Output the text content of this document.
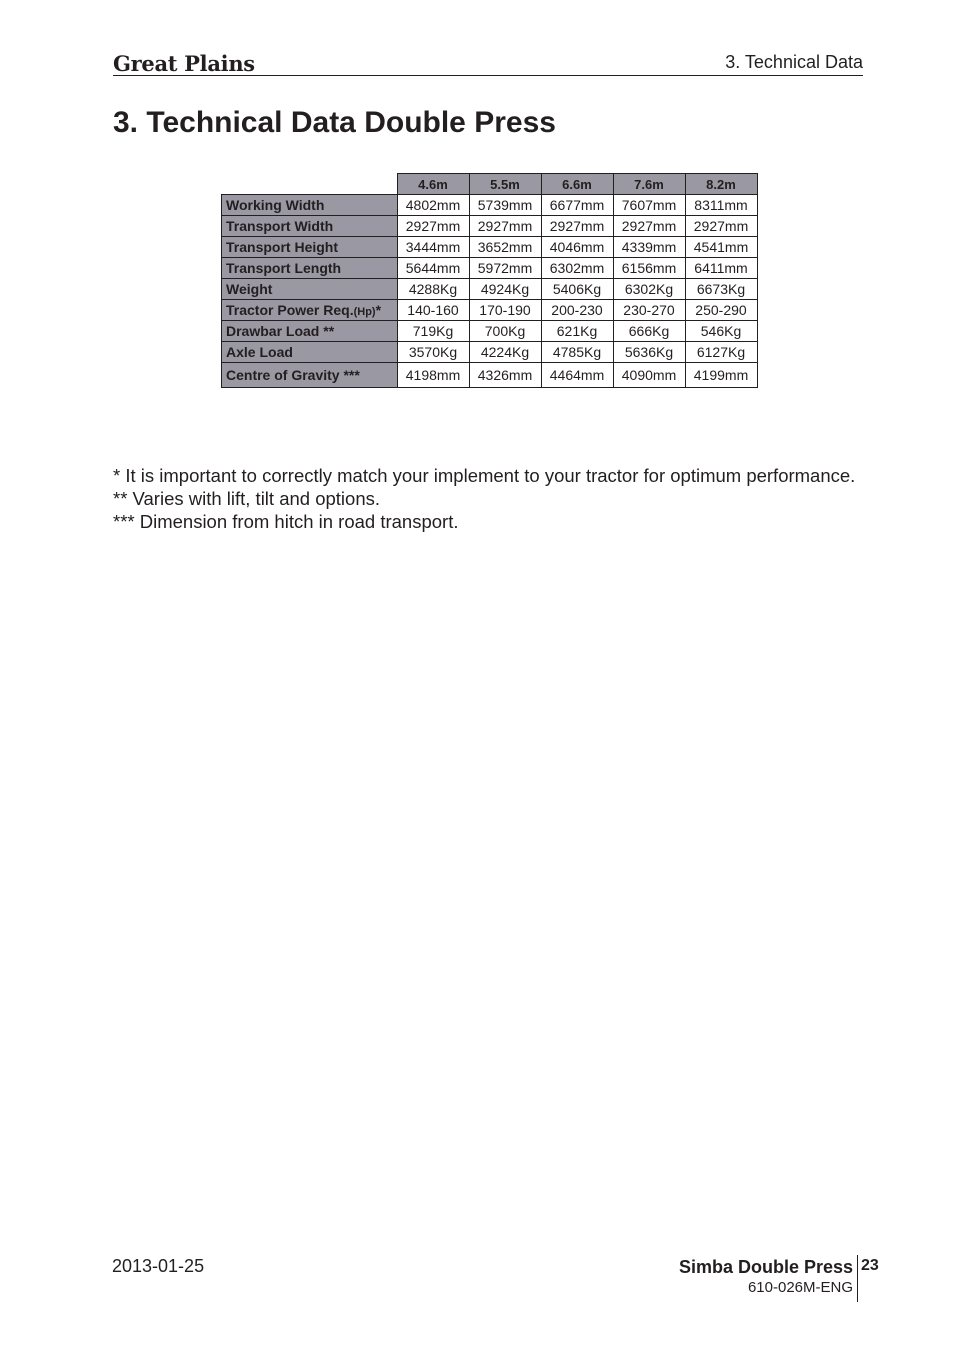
Great Plains	3. Technical Data
3. Technical Data Double Press
	4.6m	5.5m	6.6m	7.6m	8.2m
Working Width	4802mm	5739mm	6677mm	7607mm	8311mm
Transport Width	2927mm	2927mm	2927mm	2927mm	2927mm
Transport Height	3444mm	3652mm	4046mm	4339mm	4541mm
Transport Length	5644mm	5972mm	6302mm	6156mm	6411mm
Weight	4288Kg	4924Kg	5406Kg	6302Kg	6673Kg
Tractor Power Req.(Hp)*	140-160	170-190	200-230	230-270	250-290
Drawbar Load **	719Kg	700Kg	621Kg	666Kg	546Kg
Axle Load	3570Kg	4224Kg	4785Kg	5636Kg	6127Kg
Centre of Gravity ***	4198mm	4326mm	4464mm	4090mm	4199mm

* It is important to correctly match your implement to your tractor for optimum performance.

** Varies with lift, tilt and options.

*** Dimension from hitch in road transport.

2013-01-25	Simba Double Press
610-026M-ENG
23
